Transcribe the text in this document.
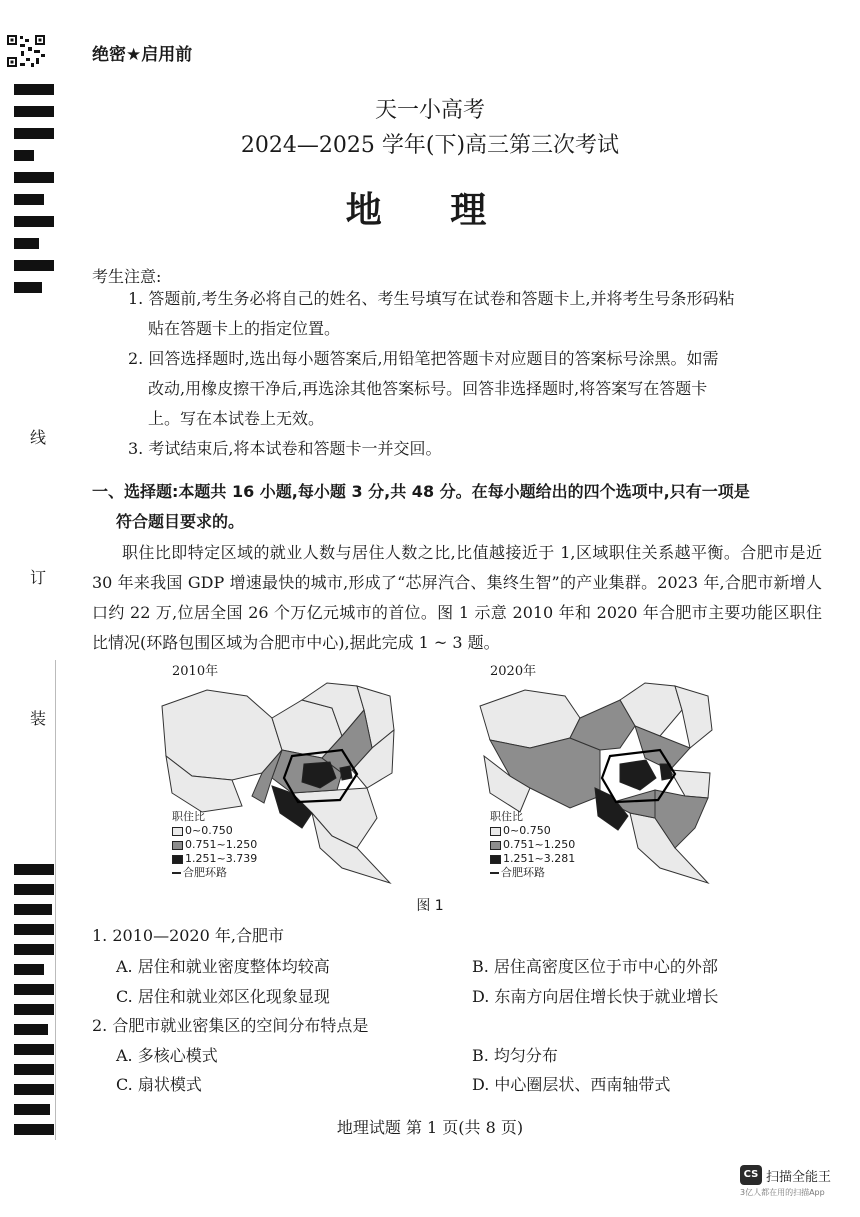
线
订
装
绝密★启用前
天一小高考
2024—2025 学年(下)高三第三次考试
地 理
考生注意:
1. 答题前,考生务必将自己的姓名、考生号填写在试卷和答题卡上,并将考生号条形码粘
贴在答题卡上的指定位置。
2. 回答选择题时,选出每小题答案后,用铅笔把答题卡对应题目的答案标号涂黑。如需
改动,用橡皮擦干净后,再选涂其他答案标号。回答非选择题时,将答案写在答题卡
上。写在本试卷上无效。
3. 考试结束后,将本试卷和答题卡一并交回。
一、选择题:本题共 16 小题,每小题 3 分,共 48 分。在每小题给出的四个选项中,只有一项是
符合题目要求的。
职住比即特定区域的就业人数与居住人数之比,比值越接近于 1,区域职住关系越平衡。合肥市是近 30 年来我国 GDP 增速最快的城市,形成了“芯屏汽合、集终生智”的产业集群。2023 年,合肥市新增人口约 22 万,位居全国 26 个万亿元城市的首位。图 1 示意 2010 年和 2020 年合肥市主要功能区职住比情况(环路包围区域为合肥市中心),据此完成 1 ~ 3 题。
2010年
职住比
0~0.750
0.751~1.250
1.251~3.739
合肥环路
2020年
职住比
0~0.750
0.751~1.250
1.251~3.281
合肥环路
图 1
1. 2010—2020 年,合肥市
A. 居住和就业密度整体均较高	B. 居住高密度区位于市中心的外部
C. 居住和就业郊区化现象显现	D. 东南方向居住增长快于就业增长
2. 合肥市就业密集区的空间分布特点是
A. 多核心模式	B. 均匀分布
C. 扇状模式	D. 中心圈层状、西南轴带式
地理试题 第 1 页(共 8 页)
CS 扫描全能王
3亿人都在用的扫描App
